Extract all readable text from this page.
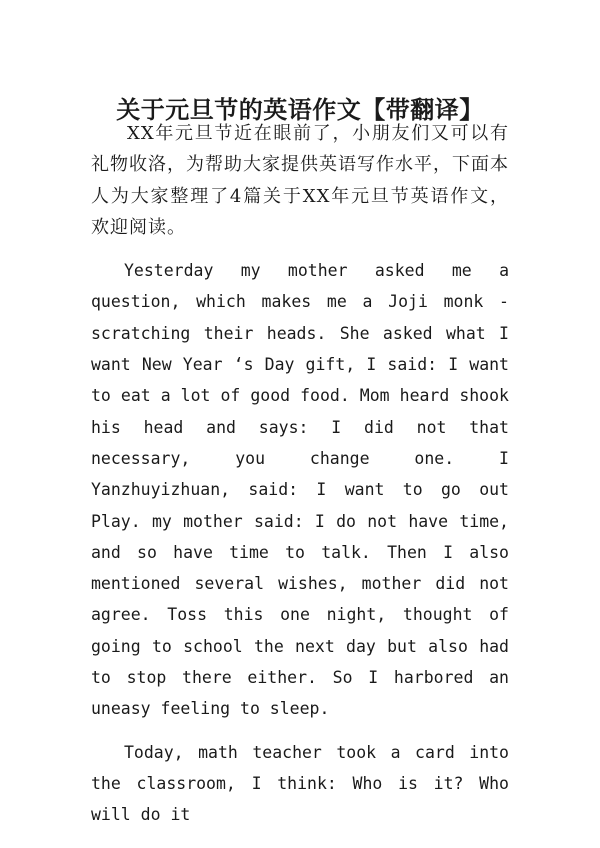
关于元旦节的英语作文【带翻译】

XX年元旦节近在眼前了，小朋友们又可以有礼物收洛，为帮助大家提供英语写作水平，下面本人为大家整理了4篇关于XX年元旦节英语作文，欢迎阅读。

Yesterday my mother asked me a question, which makes me a Joji monk - scratching their heads. She asked what I want New Year ‘s Day gift, I said: I want to eat a lot of good food. Mom heard shook his head and says: I did not that necessary, you change one. I Yanzhuyizhuan, said: I want to go out Play. my mother said: I do not have time, and so have time to talk. Then I also mentioned several wishes, mother did not agree. Toss this one night, thought of going to school the next day but also had to stop there either. So I harbored an uneasy feeling to sleep.

Today, math teacher took a card into the classroom, I think: Who is it? Who will do it
